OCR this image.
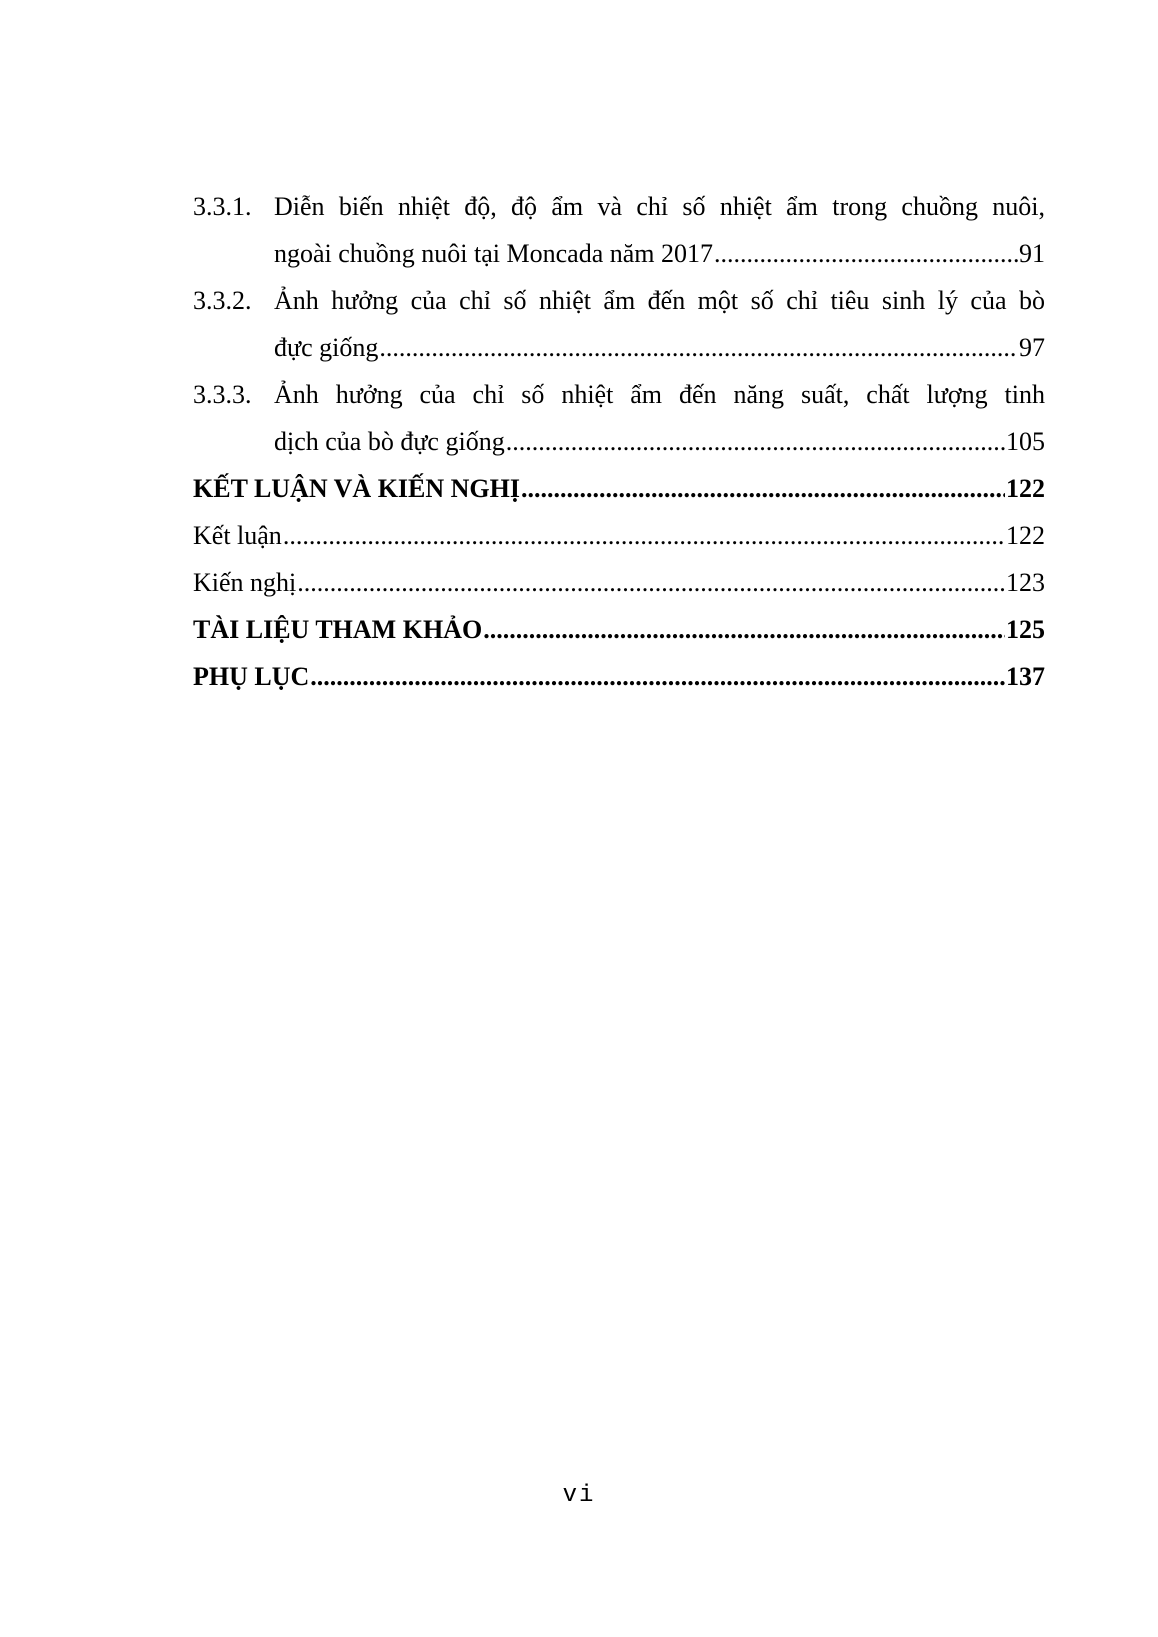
3.3.1. Diễn biến nhiệt độ, độ ẩm và chỉ số nhiệt ẩm trong chuồng nuôi,
ngoài chuồng nuôi tại Moncada năm 2017 .....	91
3.3.2. Ảnh hưởng của chỉ số nhiệt ẩm đến một số chỉ tiêu sinh lý của bò
đực giống .....	97
3.3.3. Ảnh hưởng của chỉ số nhiệt ẩm đến năng suất, chất lượng tinh
dịch của bò đực giống .....	105
KẾT LUẬN VÀ KIẾN NGHỊ .....	122
Kết luận .....	122
Kiến nghị .....	123
TÀI LIỆU THAM KHẢO .....	125
PHỤ LỤC .....	137
vi
